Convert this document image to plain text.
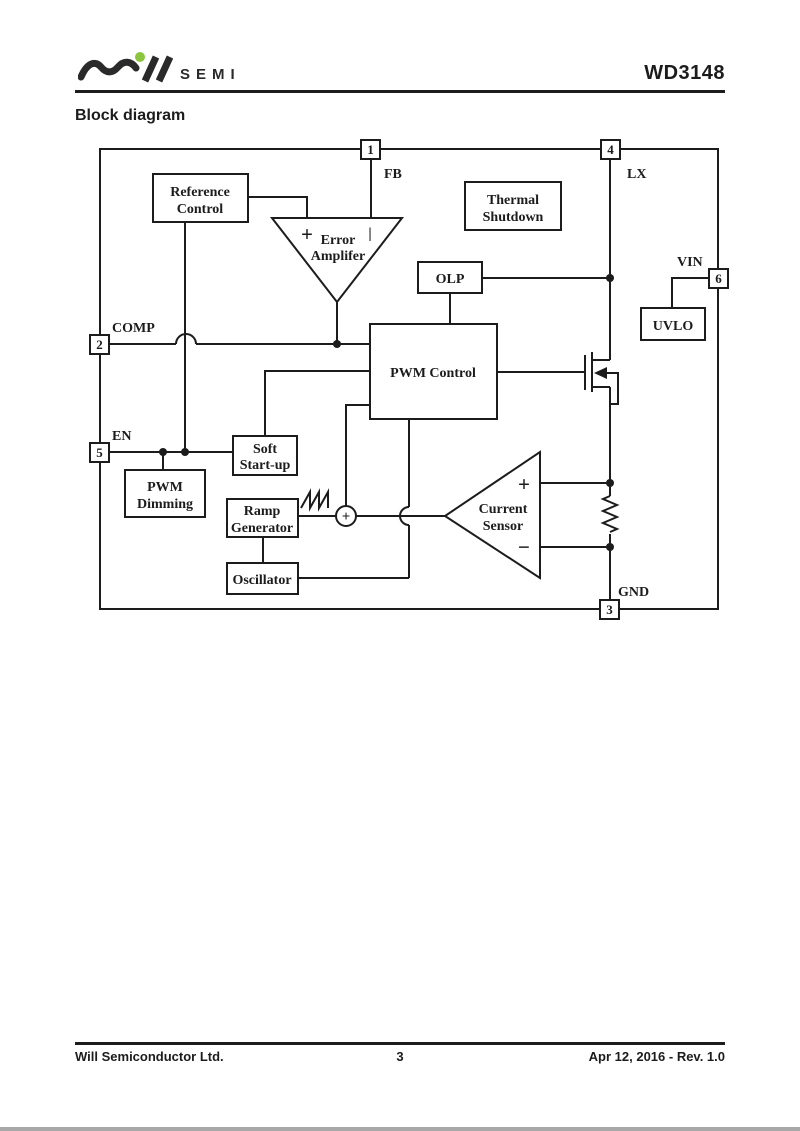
SEMI	WD3148
Block diagram
+
+	|
Error
Amplifer
+
−
Current
Sensor
Reference
Control
Thermal
Shutdown
OLP
UVLO
PWM Control
Soft
Start-up
PWM
Dimming	Ramp
Generator
Oscillator
1
FB
4
LX
2
COMP
5
EN
6
VIN
3
GND
Will Semiconductor Ltd.	3	Apr 12, 2016 - Rev. 1.0
